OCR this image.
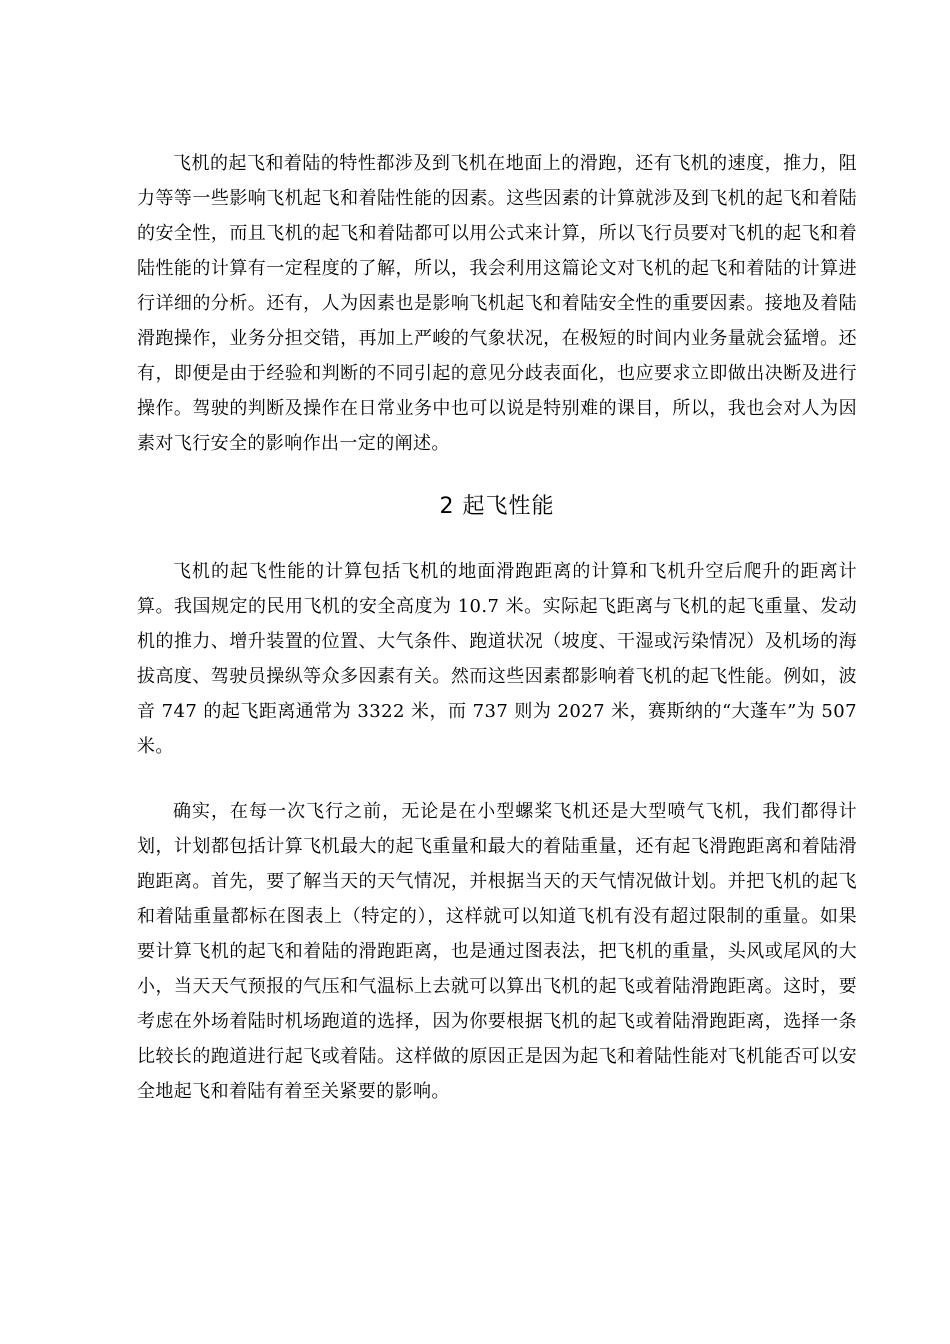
飞机的起飞和着陆的特性都涉及到飞机在地面上的滑跑，还有飞机的速度，推力，阻力等等一些影响飞机起飞和着陆性能的因素。这些因素的计算就涉及到飞机的起飞和着陆的安全性，而且飞机的起飞和着陆都可以用公式来计算，所以飞行员要对飞机的起飞和着陆性能的计算有一定程度的了解，所以，我会利用这篇论文对飞机的起飞和着陆的计算进行详细的分析。还有，人为因素也是影响飞机起飞和着陆安全性的重要因素。接地及着陆滑跑操作，业务分担交错，再加上严峻的气象状况，在极短的时间内业务量就会猛增。还有，即便是由于经验和判断的不同引起的意见分歧表面化，也应要求立即做出决断及进行操作。驾驶的判断及操作在日常业务中也可以说是特别难的课目，所以，我也会对人为因素对飞行安全的影响作出一定的阐述。

2 起飞性能

飞机的起飞性能的计算包括飞机的地面滑跑距离的计算和飞机升空后爬升的距离计算。我国规定的民用飞机的安全高度为 10.7 米。实际起飞距离与飞机的起飞重量、发动机的推力、增升装置的位置、大气条件、跑道状况（坡度、干湿或污染情况）及机场的海拔高度、驾驶员操纵等众多因素有关。然而这些因素都影响着飞机的起飞性能。例如，波音 747 的起飞距离通常为 3322 米，而 737 则为 2027 米，赛斯纳的“大蓬车”为 507 米。

确实，在每一次飞行之前，无论是在小型螺桨飞机还是大型喷气飞机，我们都得计划，计划都包括计算飞机最大的起飞重量和最大的着陆重量，还有起飞滑跑距离和着陆滑跑距离。首先，要了解当天的天气情况，并根据当天的天气情况做计划。并把飞机的起飞和着陆重量都标在图表上（特定的），这样就可以知道飞机有没有超过限制的重量。如果要计算飞机的起飞和着陆的滑跑距离，也是通过图表法，把飞机的重量，头风或尾风的大小，当天天气预报的气压和气温标上去就可以算出飞机的起飞或着陆滑跑距离。这时，要考虑在外场着陆时机场跑道的选择，因为你要根据飞机的起飞或着陆滑跑距离，选择一条比较长的跑道进行起飞或着陆。这样做的原因正是因为起飞和着陆性能对飞机能否可以安全地起飞和着陆有着至关紧要的影响。
